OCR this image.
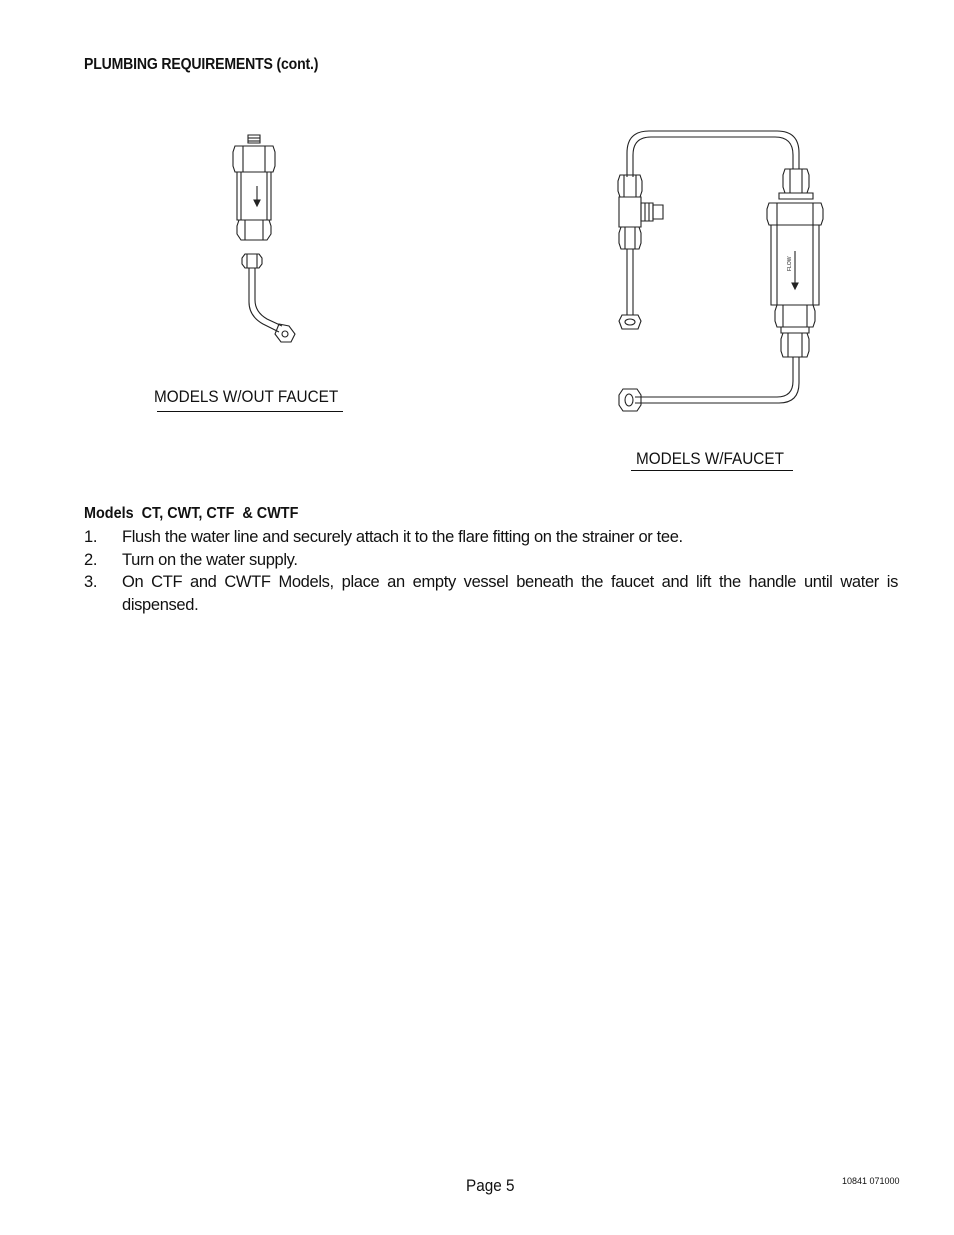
PLUMBING REQUIREMENTS (cont.)
FLOW
MODELS W/OUT FAUCET
MODELS W/FAUCET
Models  CT, CWT, CTF  & CWTF
1. Flush the water line and securely attach it to the flare fitting on the strainer or tee.
2. Turn on the water supply.
3. On CTF and CWTF Models, place an empty vessel beneath the faucet and lift the handle until water is dispensed.
Page 5	10841 071000
